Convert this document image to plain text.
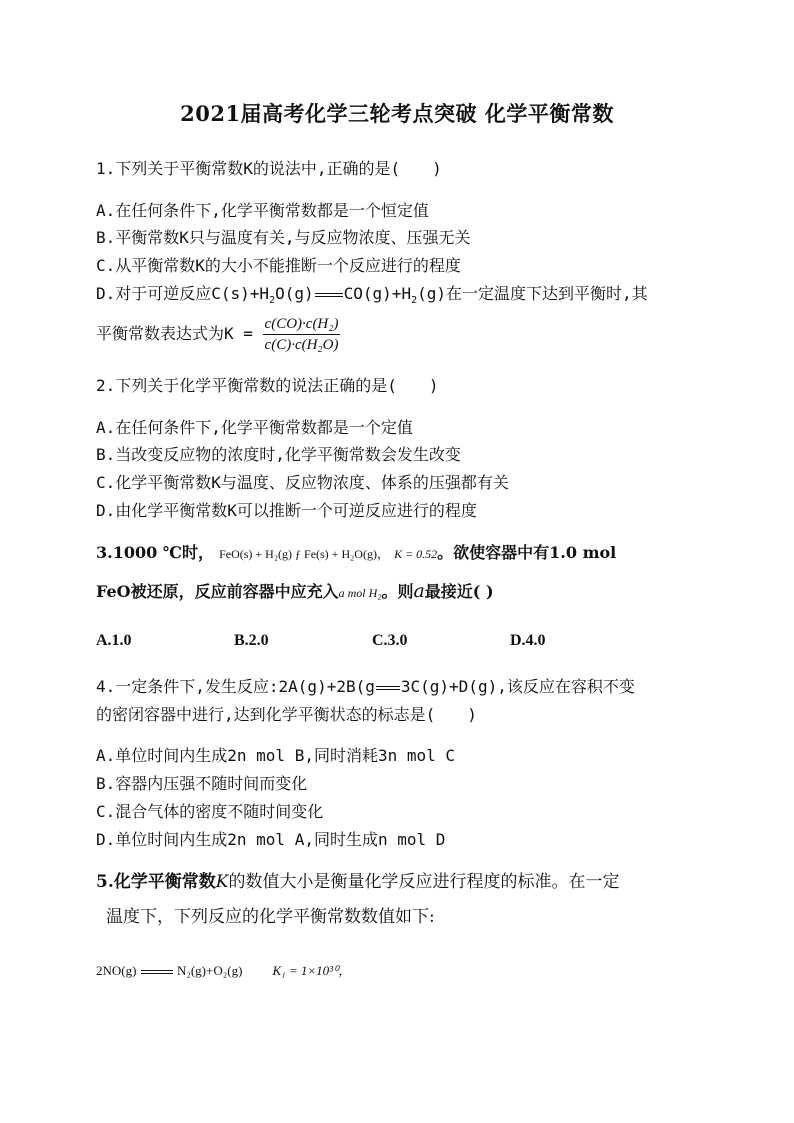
2021届高考化学三轮考点突破 化学平衡常数
1.下列关于平衡常数K的说法中,正确的是(　　)
A.在任何条件下,化学平衡常数都是一个恒定值
B.平衡常数K只与温度有关,与反应物浓度、压强无关
C.从平衡常数K的大小不能推断一个反应进行的程度
D.对于可逆反应$C(s)+H_2O(g)$ $CO(g)+H_2(g)$在一定温度下达到平衡时,其
平衡常数表达式为$K = \frac{\text{c(CO)·c(H₂)}}{\text{c(C)·c(H₂O)}}$
2.下列关于化学平衡常数的说法正确的是(　　)
A.在任何条件下,化学平衡常数都是一个定值
B.当改变反应物的浓度时,化学平衡常数会发生改变
C.化学平衡常数K与温度、反应物浓度、体系的压强都有关
D.由化学平衡常数K可以推断一个可逆反应进行的程度
3.1000 ℃时， FeO(s) + H₂(g) ƒ Fe(s) + H₂O(g)， K = 0.52。欲使容器中有1.0 mol
FeO被还原，反应前容器中应充入a mol H₂。则a最接近( )
A.1.0	B.2.0	C.3.0	D.4.0
4.一定条件下,发生反应:2A(g)+2B(g 3C(g)+D(g),该反应在容积不变
的密闭容器中进行,达到化学平衡状态的标志是(　　)
A.单位时间内生成2n mol B,同时消耗3n mol C
B.容器内压强不随时间而变化
C.混合气体的密度不随时间变化
D.单位时间内生成2n mol A,同时生成n mol D
5.化学平衡常数K的数值大小是衡量化学反应进行程度的标准。在一定
温度下，下列反应的化学平衡常数数值如下:
2NO(g)	N₂(g)+O₂(g) K₁ = 1×10³⁰，
